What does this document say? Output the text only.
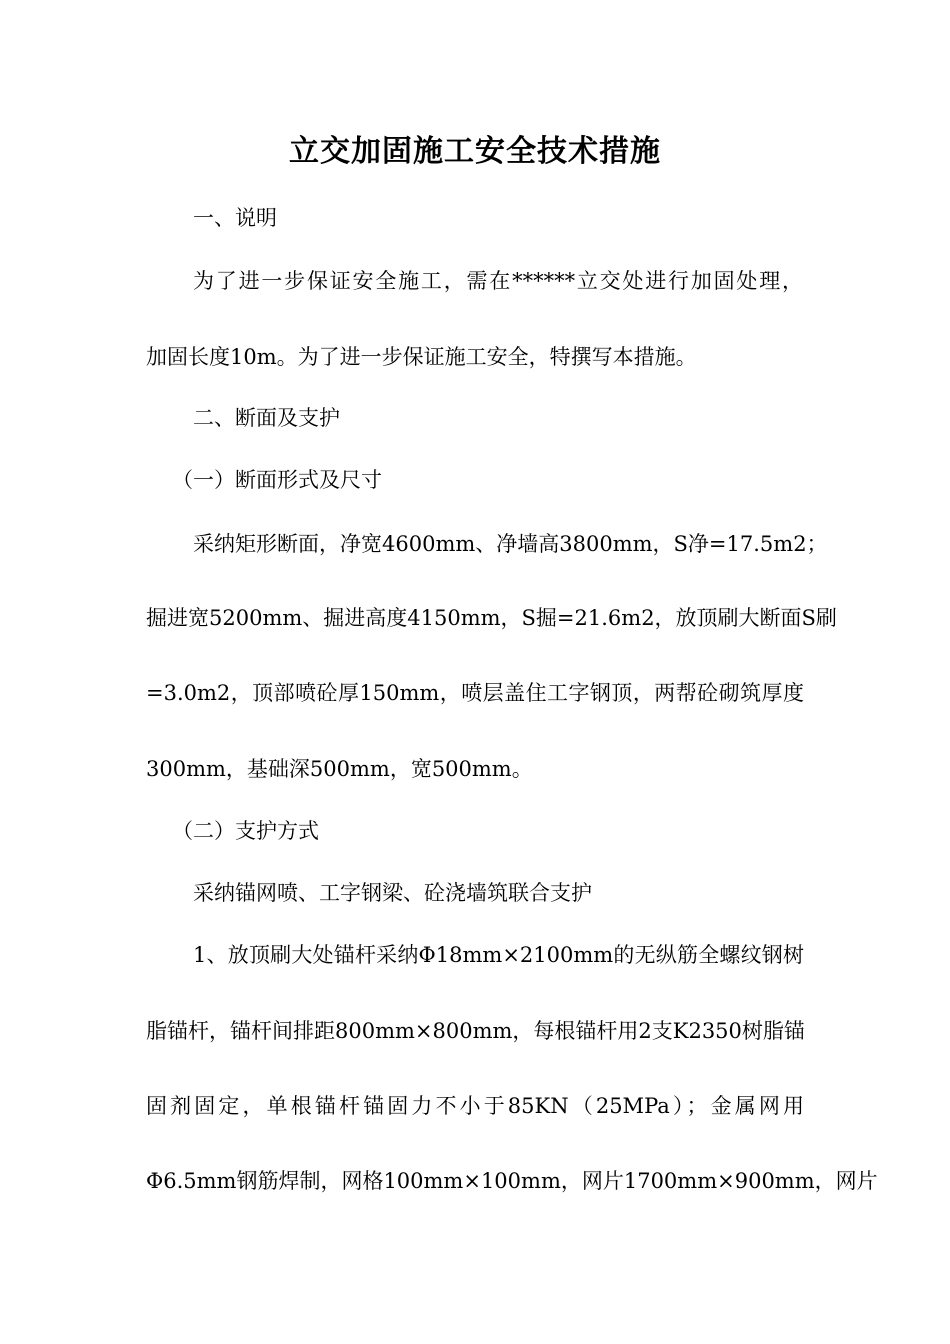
立交加固施工安全技术措施
一、说明
为了进一步保证安全施工，需在******立交处进行加固处理，
加固长度10m。为了进一步保证施工安全，特撰写本措施。
二、断面及支护
（一）断面形式及尺寸
采纳矩形断面，净宽4600mm、净墙高3800mm，S净=17.5m2；
掘进宽5200mm、掘进高度4150mm，S掘=21.6m2，放顶刷大断面S刷
=3.0m2，顶部喷砼厚150mm，喷层盖住工字钢顶，两帮砼砌筑厚度
300mm，基础深500mm，宽500mm。
（二）支护方式
采纳锚网喷、工字钢梁、砼浇墙筑联合支护
1、放顶刷大处锚杆采纳Φ18mm×2100mm的无纵筋全螺纹钢树
脂锚杆，锚杆间排距800mm×800mm，每根锚杆用2支K2350树脂锚
固剂固定，单根锚杆锚固力不小于85KN（25MPa）；金属网用
Φ6.5mm钢筋焊制，网格100mm×100mm，网片1700mm×900mm，网片
